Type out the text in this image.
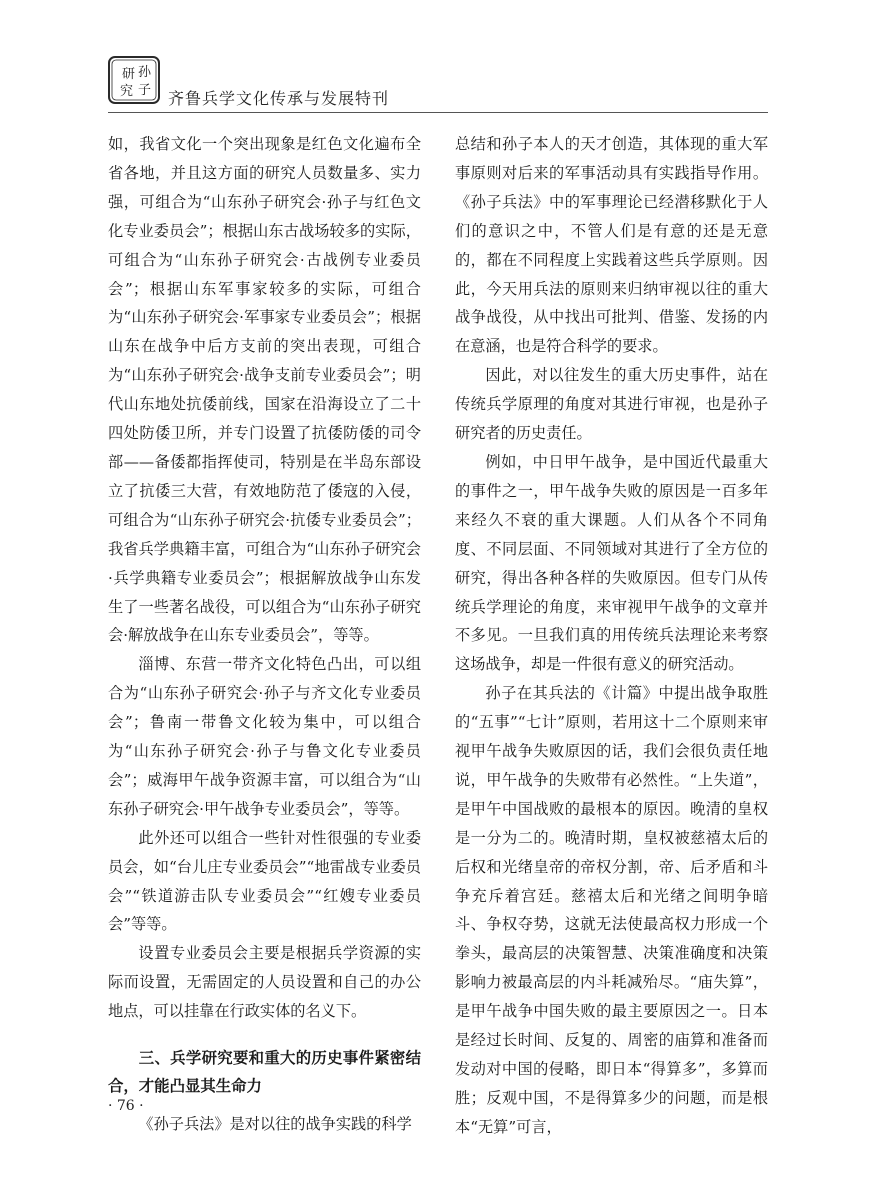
研 孙
究 子 齐鲁兵学文化传承与发展特刊

如，我省文化一个突出现象是红色文化遍布全省各地，并且这方面的研究人员数量多、实力强，可组合为“山东孙子研究会·孙子与红色文化专业委员会”；根据山东古战场较多的实际，可组合为“山东孙子研究会·古战例专业委员会”；根据山东军事家较多的实际，可组合为“山东孙子研究会·军事家专业委员会”；根据山东在战争中后方支前的突出表现，可组合为“山东孙子研究会·战争支前专业委员会”；明代山东地处抗倭前线，国家在沿海设立了二十四处防倭卫所，并专门设置了抗倭防倭的司令部——备倭都指挥使司，特别是在半岛东部设立了抗倭三大营，有效地防范了倭寇的入侵，可组合为“山东孙子研究会·抗倭专业委员会”；我省兵学典籍丰富，可组合为“山东孙子研究会·兵学典籍专业委员会”；根据解放战争山东发生了一些著名战役，可以组合为“山东孙子研究会·解放战争在山东专业委员会”，等等。

淄博、东营一带齐文化特色凸出，可以组合为“山东孙子研究会·孙子与齐文化专业委员会”；鲁南一带鲁文化较为集中，可以组合为“山东孙子研究会·孙子与鲁文化专业委员会”；威海甲午战争资源丰富，可以组合为“山东孙子研究会·甲午战争专业委员会”，等等。

此外还可以组合一些针对性很强的专业委员会，如“台儿庄专业委员会”“地雷战专业委员会”“铁道游击队专业委员会”“红嫂专业委员会”等等。

设置专业委员会主要是根据兵学资源的实际而设置，无需固定的人员设置和自己的办公地点，可以挂靠在行政实体的名义下。

三、兵学研究要和重大的历史事件紧密结合，才能凸显其生命力

《孙子兵法》是对以往的战争实践的科学

总结和孙子本人的天才创造，其体现的重大军事原则对后来的军事活动具有实践指导作用。《孙子兵法》中的军事理论已经潜移默化于人们的意识之中，不管人们是有意的还是无意的，都在不同程度上实践着这些兵学原则。因此，今天用兵法的原则来归纳审视以往的重大战争战役，从中找出可批判、借鉴、发扬的内在意涵，也是符合科学的要求。

因此，对以往发生的重大历史事件，站在传统兵学原理的角度对其进行审视，也是孙子研究者的历史责任。

例如，中日甲午战争，是中国近代最重大的事件之一，甲午战争失败的原因是一百多年来经久不衰的重大课题。人们从各个不同角度、不同层面、不同领域对其进行了全方位的研究，得出各种各样的失败原因。但专门从传统兵学理论的角度，来审视甲午战争的文章并不多见。一旦我们真的用传统兵法理论来考察这场战争，却是一件很有意义的研究活动。

孙子在其兵法的《计篇》中提出战争取胜的“五事”“七计”原则，若用这十二个原则来审视甲午战争失败原因的话，我们会很负责任地说，甲午战争的失败带有必然性。“上失道”，是甲午中国战败的最根本的原因。晚清的皇权是一分为二的。晚清时期，皇权被慈禧太后的后权和光绪皇帝的帝权分割，帝、后矛盾和斗争充斥着宫廷。慈禧太后和光绪之间明争暗斗、争权夺势，这就无法使最高权力形成一个拳头，最高层的决策智慧、决策准确度和决策影响力被最高层的内斗耗减殆尽。“庙失算”，是甲午战争中国失败的最主要原因之一。日本是经过长时间、反复的、周密的庙算和准备而发动对中国的侵略，即日本“得算多”，多算而胜；反观中国，不是得算多少的问题，而是根本“无算”可言，

· 76 ·
